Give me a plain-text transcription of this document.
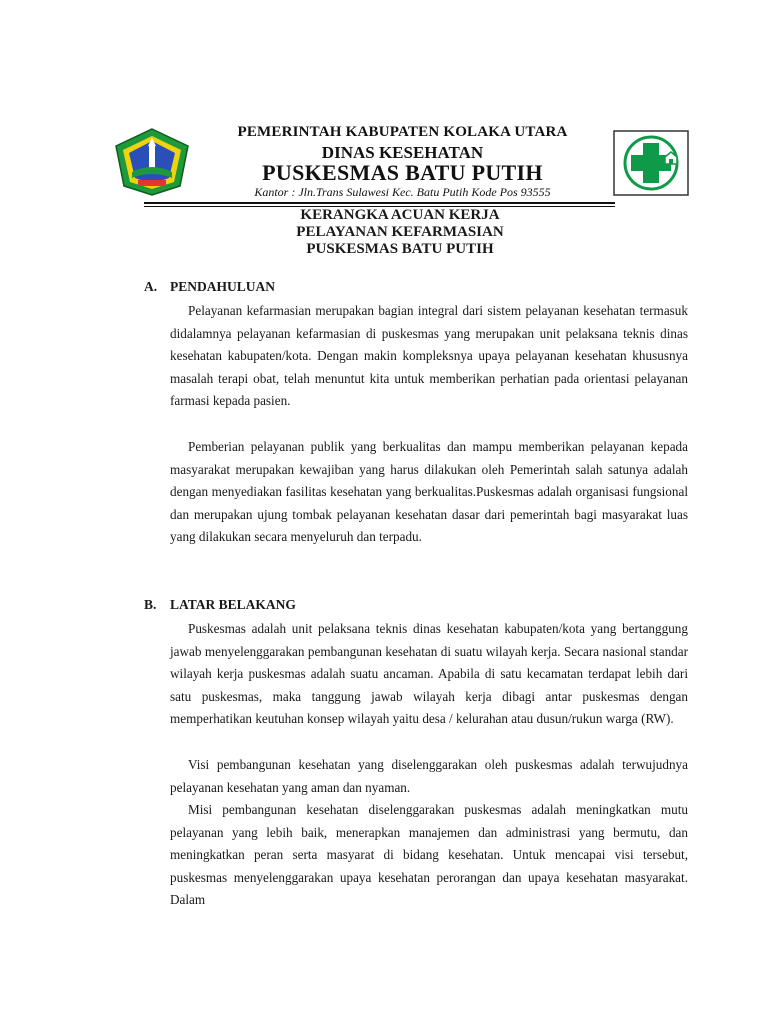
PEMERINTAH KABUPATEN KOLAKA UTARA
DINAS KESEHATAN
PUSKESMAS BATU PUTIH
Kantor : Jln.Trans Sulawesi Kec. Batu Putih Kode Pos 93555
KERANGKA ACUAN KERJA
PELAYANAN KEFARMASIAN
PUSKESMAS BATU PUTIH
A. PENDAHULUAN

Pelayanan kefarmasian merupakan bagian integral dari sistem pelayanan kesehatan termasuk didalamnya pelayanan kefarmasian di puskesmas yang merupakan unit pelaksana teknis dinas kesehatan kabupaten/kota. Dengan makin kompleksnya upaya pelayanan kesehatan khususnya masalah terapi obat, telah menuntut kita untuk memberikan perhatian pada orientasi pelayanan farmasi kepada pasien.

Pemberian pelayanan publik yang berkualitas dan mampu memberikan pelayanan kepada masyarakat merupakan kewajiban yang harus dilakukan oleh Pemerintah salah satunya adalah dengan menyediakan fasilitas kesehatan yang berkualitas.Puskesmas adalah organisasi fungsional dan merupakan ujung tombak pelayanan kesehatan dasar dari pemerintah bagi masyarakat luas yang dilakukan secara menyeluruh dan terpadu.

B. LATAR BELAKANG

Puskesmas adalah unit pelaksana teknis dinas kesehatan kabupaten/kota yang bertanggung jawab menyelenggarakan pembangunan kesehatan di suatu wilayah kerja. Secara nasional standar wilayah kerja puskesmas adalah suatu ancaman. Apabila di satu kecamatan terdapat lebih dari satu puskesmas, maka tanggung jawab wilayah kerja dibagi antar puskesmas dengan memperhatikan keutuhan konsep wilayah yaitu desa / kelurahan atau dusun/rukun warga (RW).

Visi pembangunan kesehatan yang diselenggarakan oleh puskesmas adalah terwujudnya pelayanan kesehatan yang aman dan nyaman.

Misi pembangunan kesehatan diselenggarakan puskesmas adalah meningkatkan mutu pelayanan yang lebih baik, menerapkan manajemen dan administrasi yang bermutu, dan meningkatkan peran serta masyarat di bidang kesehatan. Untuk mencapai visi tersebut, puskesmas menyelenggarakan upaya kesehatan perorangan dan upaya kesehatan masyarakat. Dalam
